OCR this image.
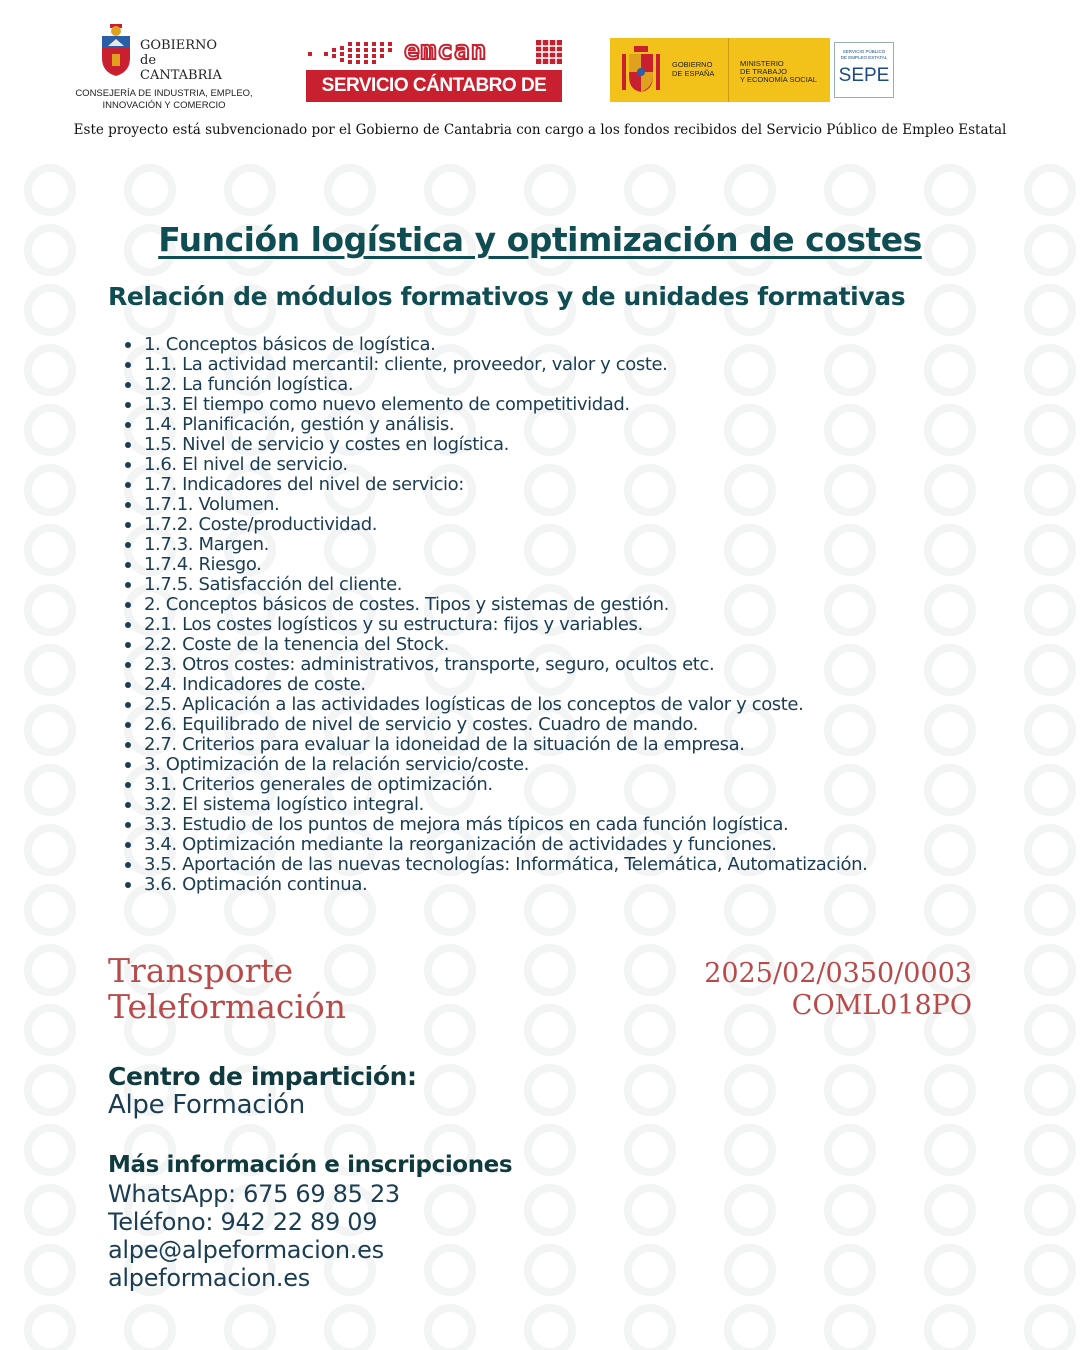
GOBIERNO
de
CANTABRIA
CONSEJERÍA DE INDUSTRIA, EMPLEO,
INNOVACIÓN Y COMERCIO
emcan
SERVICIO CÁNTABRO DE EMPLEO
GOBIERNO
DE ESPAÑA
MINISTERIO
DE TRABAJO
Y ECONOMÍA SOCIAL
SERVICIO PÚBLICO
DE EMPLEO ESTATAL
SEPE
Este proyecto está subvencionado por el Gobierno de Cantabria con cargo a los fondos recibidos del Servicio Público de Empleo Estatal
Función logística y optimización de costes
Relación de módulos formativos y de unidades formativas
1. Conceptos básicos de logística.
1.1. La actividad mercantil: cliente, proveedor, valor y coste.
1.2. La función logística.
1.3. El tiempo como nuevo elemento de competitividad.
1.4. Planificación, gestión y análisis.
1.5. Nivel de servicio y costes en logística.
1.6. El nivel de servicio.
1.7. Indicadores del nivel de servicio:
1.7.1. Volumen.
1.7.2. Coste/productividad.
1.7.3. Margen.
1.7.4. Riesgo.
1.7.5. Satisfacción del cliente.
2. Conceptos básicos de costes. Tipos y sistemas de gestión.
2.1. Los costes logísticos y su estructura: fijos y variables.
2.2. Coste de la tenencia del Stock.
2.3. Otros costes: administrativos, transporte, seguro, ocultos etc.
2.4. Indicadores de coste.
2.5. Aplicación a las actividades logísticas de los conceptos de valor y coste.
2.6. Equilibrado de nivel de servicio y costes. Cuadro de mando.
2.7. Criterios para evaluar la idoneidad de la situación de la empresa.
3. Optimización de la relación servicio/coste.
3.1. Criterios generales de optimización.
3.2. El sistema logístico integral.
3.3. Estudio de los puntos de mejora más típicos en cada función logística.
3.4. Optimización mediante la reorganización de actividades y funciones.
3.5. Aportación de las nuevas tecnologías: Informática, Telemática, Automatización.
3.6. Optimación continua.
Transporte
Teleformación
2025/02/0350/0003
COML018PO
Centro de impartición:
Alpe Formación
Más información e inscripciones
WhatsApp: 675 69 85 23
Teléfono: 942 22 89 09
alpe@alpeformacion.es
alpeformacion.es
